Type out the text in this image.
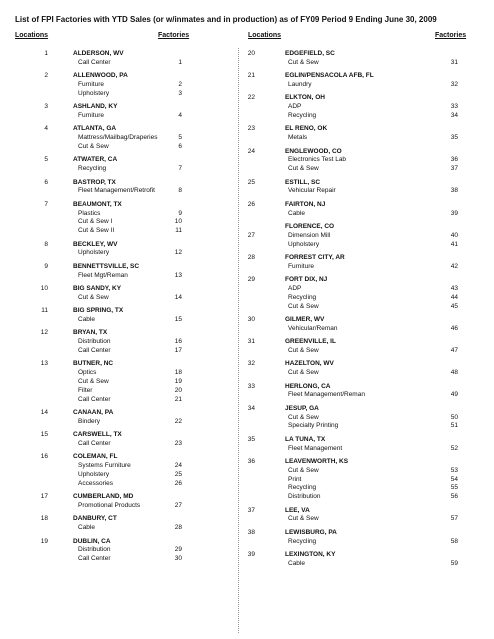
List of FPI Factories with YTD Sales (or w/inmates and in production) as of FY09 Period 9 Ending June 30, 2009
Locations	Factories	Locations	Factories
1	ALDERSON, WV
Call Center	1
2	ALLENWOOD, PA
Furniture	2
Upholstery	3
3	ASHLAND, KY
Furniture	4
4	ATLANTA, GA
Mattress/Mailbag/Draperies	5
Cut & Sew	6
5	ATWATER, CA
Recycling	7
6	BASTROP, TX
Fleet Management/Retrofit	8
7	BEAUMONT, TX
Plastics	9
Cut & Sew I	10
Cut & Sew II	11
8	BECKLEY, WV
Upholstery	12
9	BENNETTSVILLE, SC
Fleet Mgt/Reman	13
10	BIG SANDY, KY
Cut & Sew	14
11	BIG SPRING, TX
Cable	15
12	BRYAN, TX
Distribution	16
Call Center	17
13	BUTNER, NC
Optics	18
Cut & Sew	19
Filter	20
Call Center	21
14	CANAAN, PA
Bindery	22
15	CARSWELL, TX
Call Center	23
16	COLEMAN, FL
Systems Furniture	24
Upholstery	25
Accessories	26
17	CUMBERLAND, MD
Promotional Products	27
18	DANBURY, CT
Cable	28
19	DUBLIN, CA
Distribution	29
Call Center	30
20	EDGEFIELD, SC
Cut & Sew	31
21	EGLIN/PENSACOLA AFB, FL
Laundry	32
22	ELKTON, OH
ADP	33
Recycling	34
23	EL RENO, OK
Metals	35
24	ENGLEWOOD, CO
Electronics Test Lab	36
Cut & Sew	37
25	ESTILL, SC
Vehicular Repair	38
26	FAIRTON, NJ
Cable	39
FLORENCE, CO
27	Dimension Mill	40
Upholstery	41
28	FORREST CITY, AR
Furniture	42
29	FORT DIX, NJ
ADP	43
Recycling	44
Cut & Sew	45
30	GILMER, WV
Vehicular/Reman	46
31	GREENVILLE, IL
Cut & Sew	47
32	HAZELTON, WV
Cut & Sew	48
33	HERLONG, CA
Fleet Management/Reman	49
34	JESUP, GA
Cut & Sew	50
Specialty Printing	51
35	LA TUNA, TX
Fleet Management	52
36	LEAVENWORTH, KS
Cut & Sew	53
Print	54
Recycling	55
Distribution	56
37	LEE, VA
Cut & Sew	57
38	LEWISBURG, PA
Recycling	58
39	LEXINGTON, KY
Cable	59
